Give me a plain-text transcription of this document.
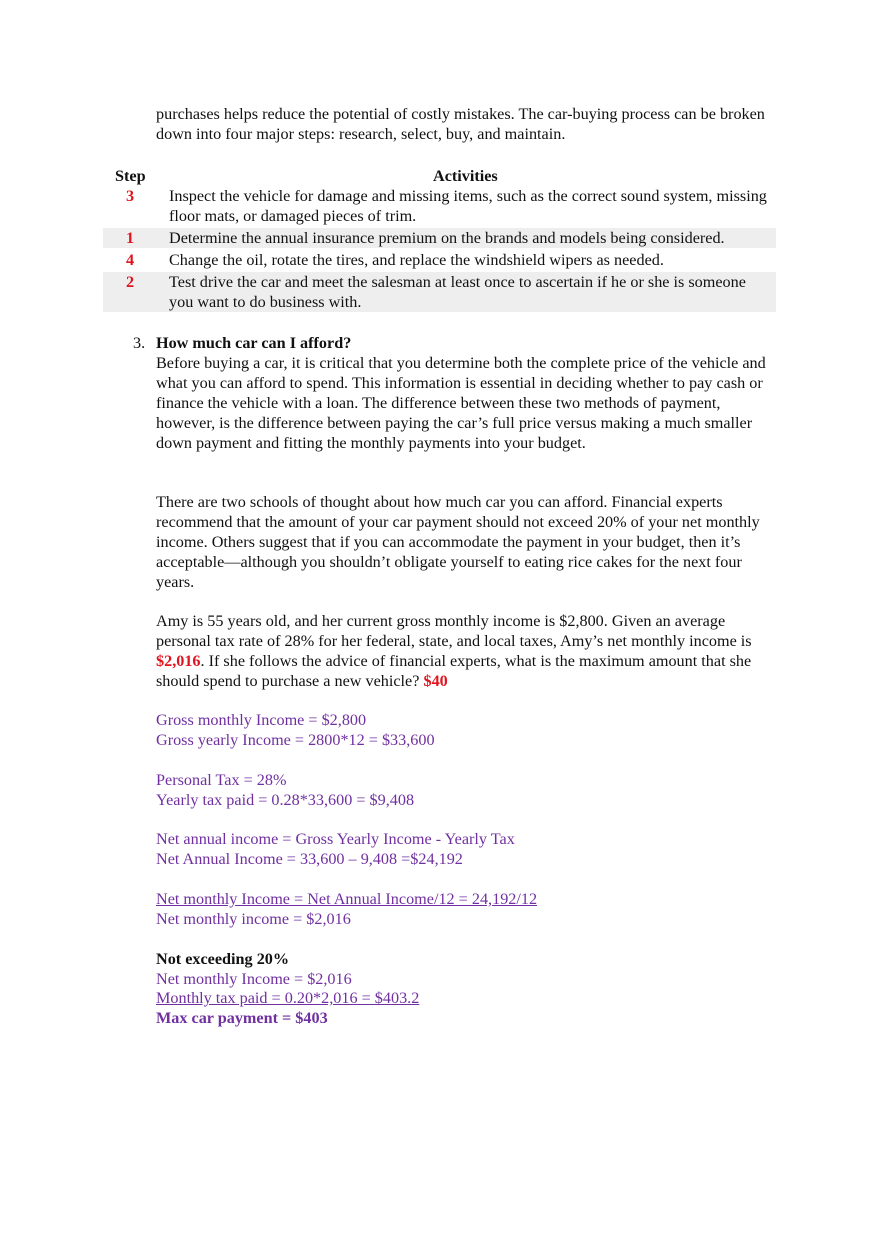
purchases helps reduce the potential of costly mistakes. The car-buying process can be broken down into four major steps: research, select, buy, and maintain.

Step	Activities
3	Inspect the vehicle for damage and missing items, such as the correct sound system, missing floor mats, or damaged pieces of trim.
1	Determine the annual insurance premium on the brands and models being considered.
4	Change the oil, rotate the tires, and replace the windshield wipers as needed.
2	Test drive the car and meet the salesman at least once to ascertain if he or she is someone you want to do business with.
3. How much car can I afford?

Before buying a car, it is critical that you determine both the complete price of the vehicle and what you can afford to spend. This information is essential in deciding whether to pay cash or finance the vehicle with a loan. The difference between these two methods of payment, however, is the difference between paying the car’s full price versus making a much smaller down payment and fitting the monthly payments into your budget.

There are two schools of thought about how much car you can afford. Financial experts recommend that the amount of your car payment should not exceed 20% of your net monthly income. Others suggest that if you can accommodate the payment in your budget, then it’s acceptable—although you shouldn’t obligate yourself to eating rice cakes for the next four years.

Amy is 55 years old, and her current gross monthly income is $2,800. Given an average personal tax rate of 28% for her federal, state, and local taxes, Amy’s net monthly income is $2,016. If she follows the advice of financial experts, what is the maximum amount that she should spend to purchase a new vehicle? $40

Gross monthly Income = $2,800

Gross yearly Income = 2800*12 = $33,600

Personal Tax = 28%

Yearly tax paid = 0.28*33,600 = $9,408

Net annual income = Gross Yearly Income - Yearly Tax

Net Annual Income = 33,600 – 9,408 =$24,192

Net monthly Income = Net Annual Income/12 = 24,192/12

Net monthly income = $2,016

Not exceeding 20%

Net monthly Income = $2,016

Monthly tax paid = 0.20*2,016 = $403.2

Max car payment = $403
